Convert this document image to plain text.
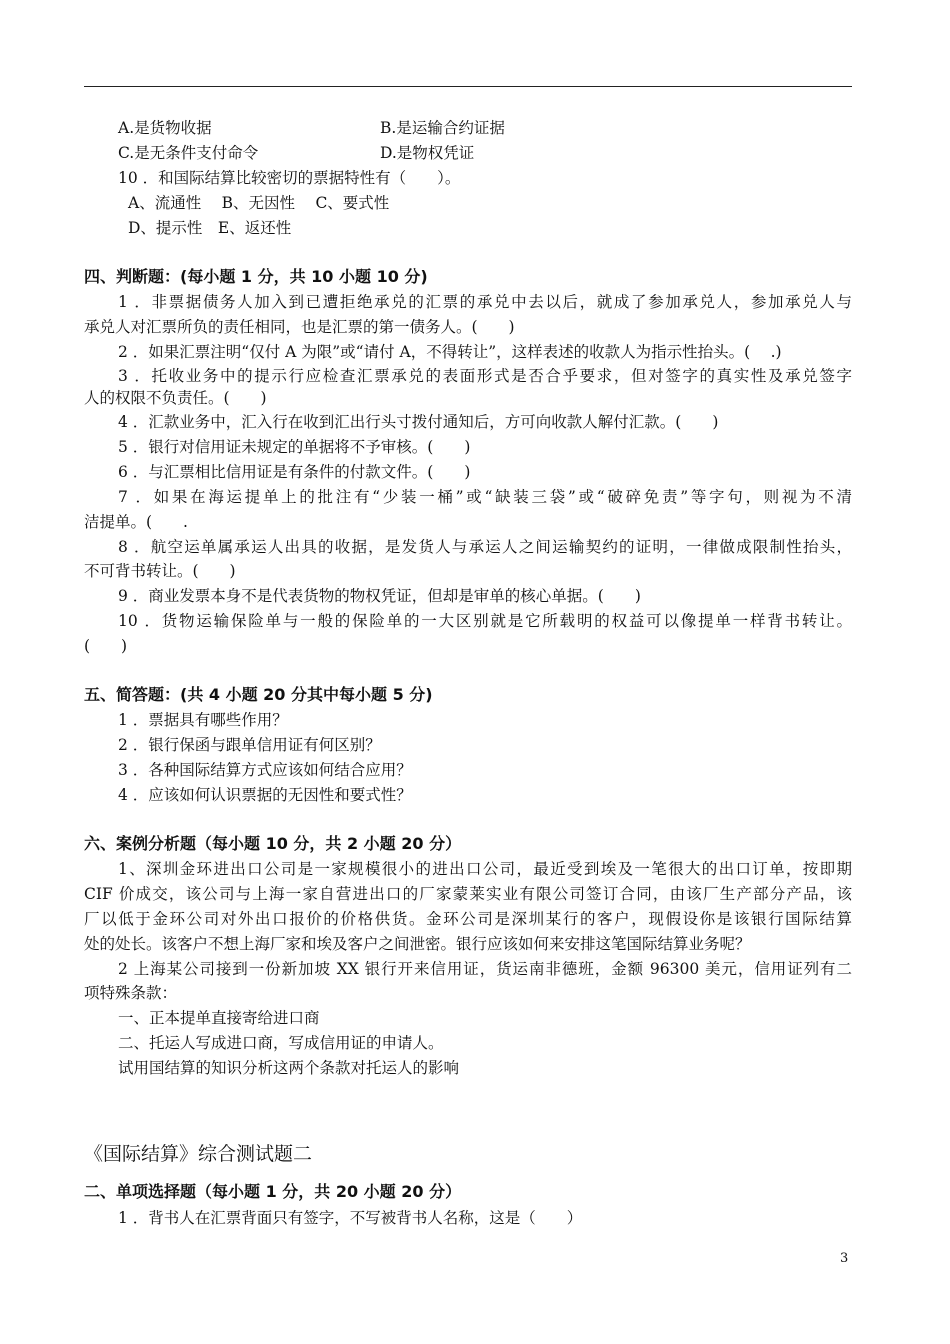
A.是货物收据	B.是运输合约证据
C.是无条件支付命令	D.是物权凭证
10 ．和国际结算比较密切的票据特性有（　　）。
A、流通性　 B、无因性　 C、要式性
D、提示性　E、返还性
四、判断题：(每小题 1 分，共 10 小题 10 分)
1 ．非票据债务人加入到已遭拒绝承兑的汇票的承兑中去以后，就成了参加承兑人，参加承兑人与
承兑人对汇票所负的责任相同，也是汇票的第一债务人。(　　)
2 ．如果汇票注明“仅付 A 为限”或“请付 A，不得转让”，这样表述的收款人为指示性抬头。(　 .)
3 ．托收业务中的提示行应检查汇票承兑的表面形式是否合乎要求，但对签字的真实性及承兑签字
人的权限不负责任。(　　)
4 ．汇款业务中，汇入行在收到汇出行头寸拨付通知后，方可向收款人解付汇款。(　　)
5 ．银行对信用证未规定的单据将不予审核。(　　)
6 ．与汇票相比信用证是有条件的付款文件。(　　)
7 ．如果在海运提单上的批注有“少装一桶”或“缺装三袋”或“破碎免责”等字句，则视为不清
洁提单。(　　.
8 ．航空运单属承运人出具的收据，是发货人与承运人之间运输契约的证明，一律做成限制性抬头，
不可背书转让。(　　)
9 ．商业发票本身不是代表货物的物权凭证，但却是审单的核心单据。(　　)
10 ．货物运输保险单与一般的保险单的一大区别就是它所载明的权益可以像提单一样背书转让。
(　　)
五、简答题：(共 4 小题 20 分其中每小题 5 分)
1 ．票据具有哪些作用？
2 ．银行保函与跟单信用证有何区别？
3 ．各种国际结算方式应该如何结合应用？
4 ．应该如何认识票据的无因性和要式性？
六、案例分析题（每小题 10 分，共 2 小题 20 分）
1、深圳金环进出口公司是一家规模很小的进出口公司，最近受到埃及一笔很大的出口订单，按即期
CIF 价成交，该公司与上海一家自营进出口的厂家蒙莱实业有限公司签订合同，由该厂生产部分产品，该
厂以低于金环公司对外出口报价的价格供货。金环公司是深圳某行的客户，现假设你是该银行国际结算
处的处长。该客户不想上海厂家和埃及客户之间泄密。银行应该如何来安排这笔国际结算业务呢？
2 上海某公司接到一份新加坡 XX 银行开来信用证，货运南非德班，金额 96300 美元，信用证列有二
项特殊条款：
一、正本提单直接寄给进口商
二、托运人写成进口商，写成信用证的申请人。
试用国结算的知识分析这两个条款对托运人的影响
《国际结算》综合测试题二
二、单项选择题（每小题 1 分，共 20 小题 20 分）
1 ．背书人在汇票背面只有签字，不写被背书人名称，这是（　　）
3
